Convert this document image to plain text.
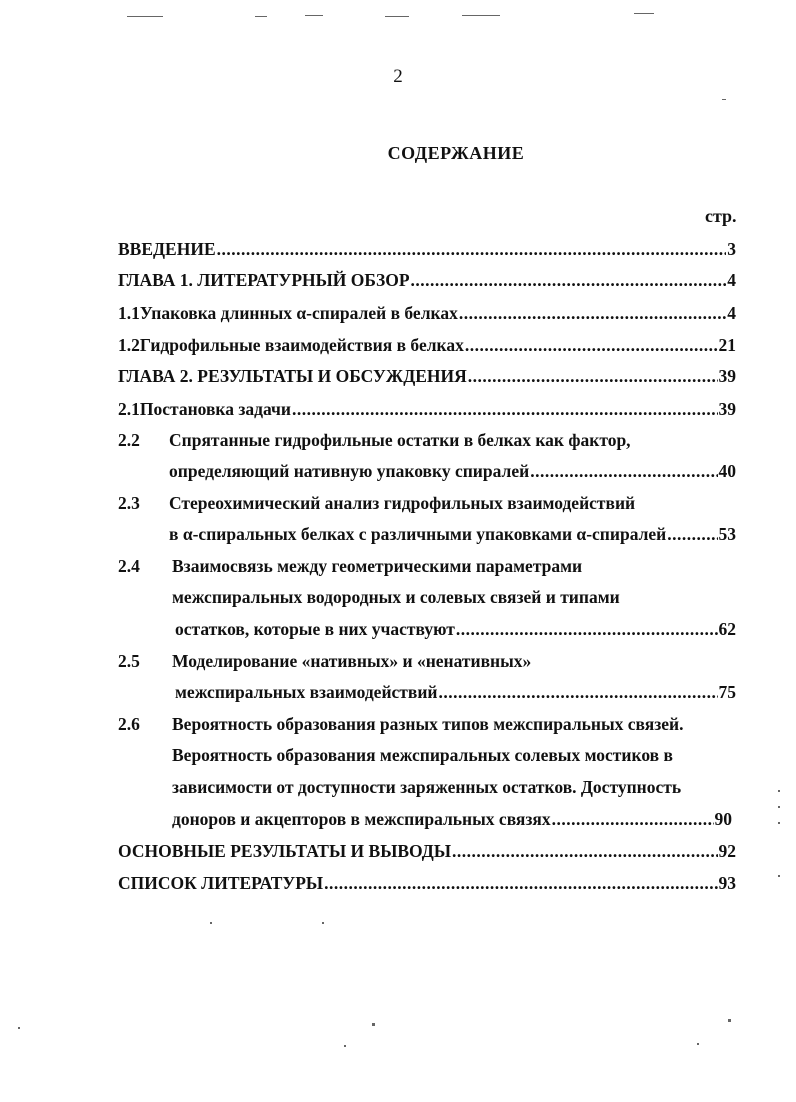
2
СОДЕРЖАНИЕ
стр.
ВВЕДЕНИЕ .....	3
ГЛАВА 1. ЛИТЕРАТУРНЫЙ ОБЗОР .....	4
1.1 Упаковка длинных α-спиралей в белках .....	4
1.2 Гидрофильные взаимодействия в белках .....	21
ГЛАВА 2. РЕЗУЛЬТАТЫ И ОБСУЖДЕНИЯ .....	39
2.1 Постановка задачи .....	39
2.2	Спрятанные гидрофильные остатки в белках как фактор,
определяющий нативную упаковку спиралей .....	40
2.3	Стереохимический анализ гидрофильных взаимодействий
в α-спиральных белках с различными упаковками α-спиралей .....	53
2.4	Взаимосвязь между геометрическими параметрами
межспиральных водородных и солевых связей и типами
остатков, которые в них участвуют .....	62
2.5	Моделирование «нативных» и «ненативных»
межспиральных взаимодействий .....	75
2.6	Вероятность образования разных типов межспиральных связей.
Вероятность образования межспиральных солевых мостиков в
зависимости от доступности заряженных остатков. Доступность
доноров и акцепторов в межспиральных связях .....	90
ОСНОВНЫЕ РЕЗУЛЬТАТЫ И ВЫВОДЫ .....	92
СПИСОК ЛИТЕРАТУРЫ .....	93
